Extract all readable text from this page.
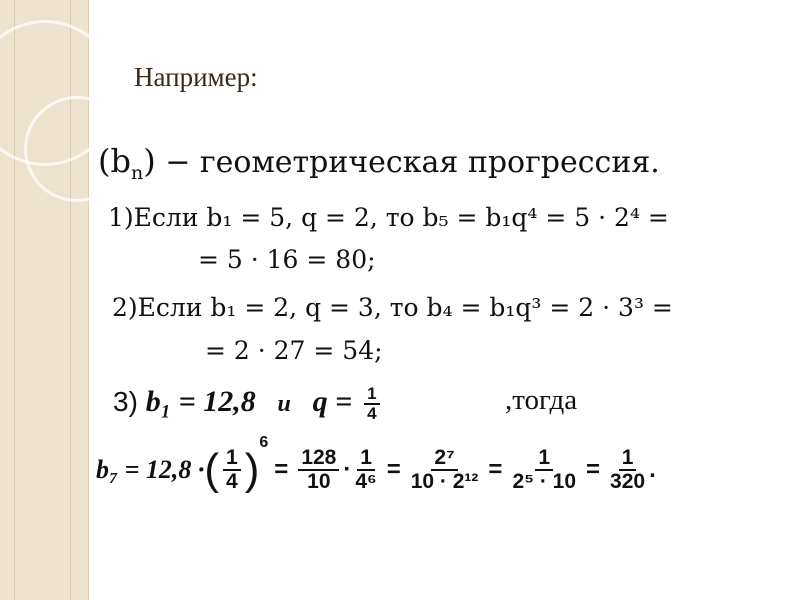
Например:
$(b_n)$ − геометрическая прогрессия.
1)Если b₁ = 5, q = 2, то b₅ = b₁q⁴ = 5 · 2⁴ =
= 5 · 16 = 80;
2)Если b₁ = 2, q = 3, то b₄ = b₁q³ = 2 · 3³ =
= 2 · 27 = 54;
3) b₁ = 12,8 и $q = \frac{1}{4}$	,тогда
b₇ = 12,8 · ( $\frac{1}{4}$ )
6
= $\frac{128}{10} \cdot \frac{1}{\text{4⁶}} = \frac{\text{2⁷}}{\text{10 · 2¹²}} = \frac{1}{\text{2⁵ · 10}} = \frac{1}{320}$ .
